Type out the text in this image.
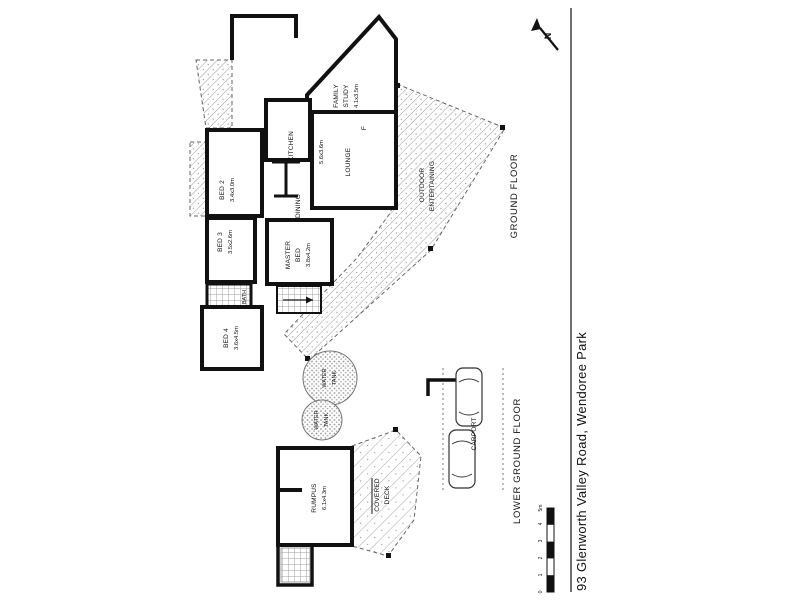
OUTDOOR ENTERTAINING
FAMILY STUDY 4.1x3.5m
5.6x3.6m	LOUNGE
F
KITCHEN
DINING
BED 2 3.4x3.0m
BED 3 3.5x2.6m	MASTER BED 3.8x4.2m
BATH
BED 4 3.6x4.5m
GROUND FLOOR
WATER TANK
WATER TANK
COVERED DECK
RUMPUS 6.1x4.3m
CARPORT	LOWER GROUND FLOOR
N
0
1
2
3
4
5m 93 Glenworth Valley Road, Wendoree Park
